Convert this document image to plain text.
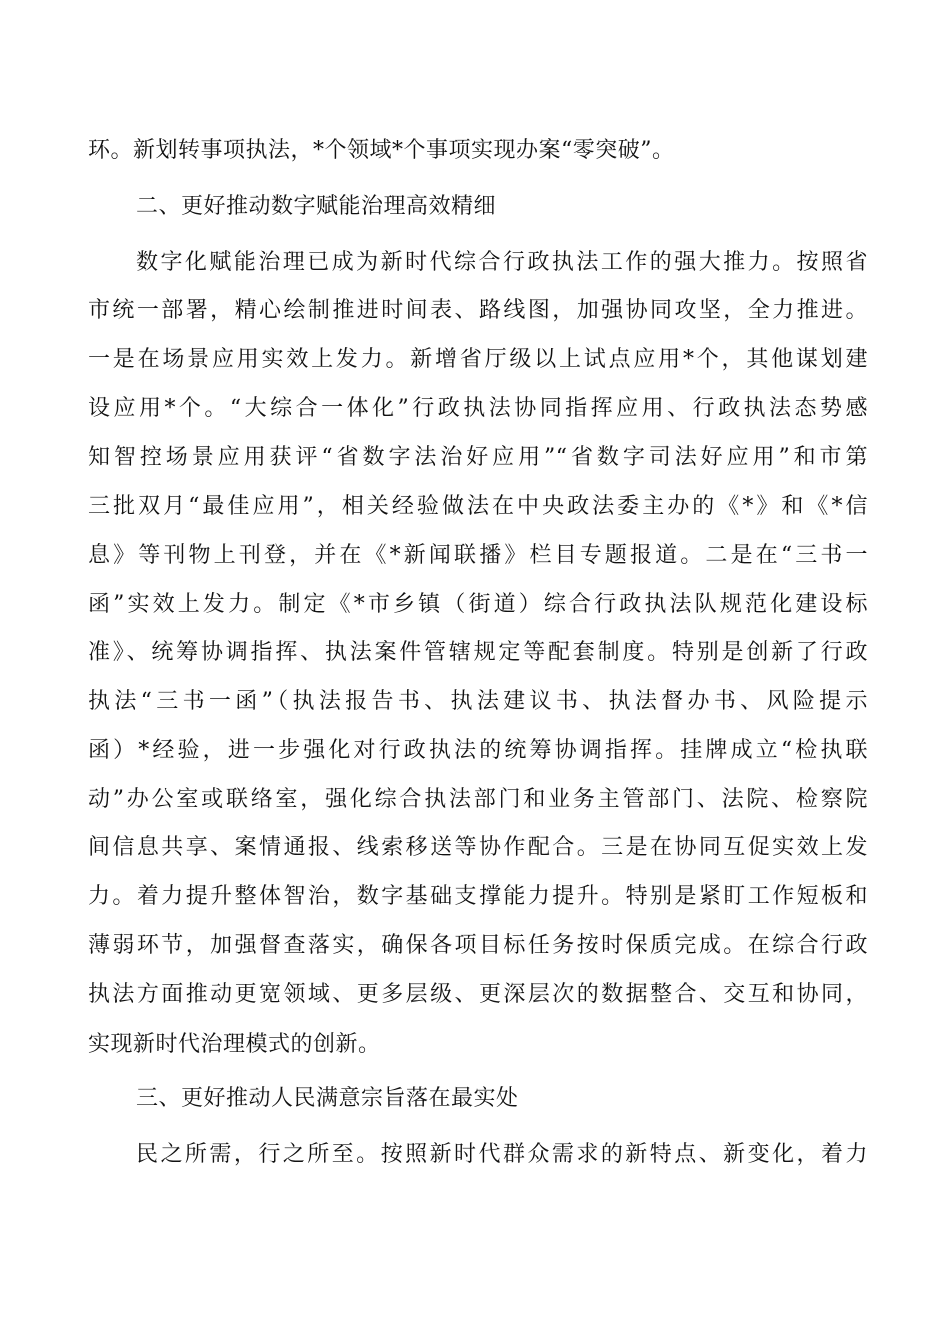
环。新划转事项执法，*个领域*个事项实现办案“零突破”。
二、更好推动数字赋能治理高效精细
数字化赋能治理已成为新时代综合行政执法工作的强大推力。按照省
市统一部署，精心绘制推进时间表、路线图，加强协同攻坚，全力推进。
一是在场景应用实效上发力。新增省厅级以上试点应用*个，其他谋划建
设应用*个。“大综合一体化”行政执法协同指挥应用、行政执法态势感
知智控场景应用获评“省数字法治好应用”“省数字司法好应用”和市第
三批双月“最佳应用”，相关经验做法在中央政法委主办的《*》和《*信
息》等刊物上刊登，并在《*新闻联播》栏目专题报道。二是在“三书一
函”实效上发力。制定《*市乡镇（街道）综合行政执法队规范化建设标
准》、统筹协调指挥、执法案件管辖规定等配套制度。特别是创新了行政
执法“三书一函”（执法报告书、执法建议书、执法督办书、风险提示
函）*经验，进一步强化对行政执法的统筹协调指挥。挂牌成立“检执联
动”办公室或联络室，强化综合执法部门和业务主管部门、法院、检察院
间信息共享、案情通报、线索移送等协作配合。三是在协同互促实效上发
力。着力提升整体智治，数字基础支撑能力提升。特别是紧盯工作短板和
薄弱环节，加强督查落实，确保各项目标任务按时保质完成。在综合行政
执法方面推动更宽领域、更多层级、更深层次的数据整合、交互和协同，
实现新时代治理模式的创新。
三、更好推动人民满意宗旨落在最实处
民之所需，行之所至。按照新时代群众需求的新特点、新变化，着力
